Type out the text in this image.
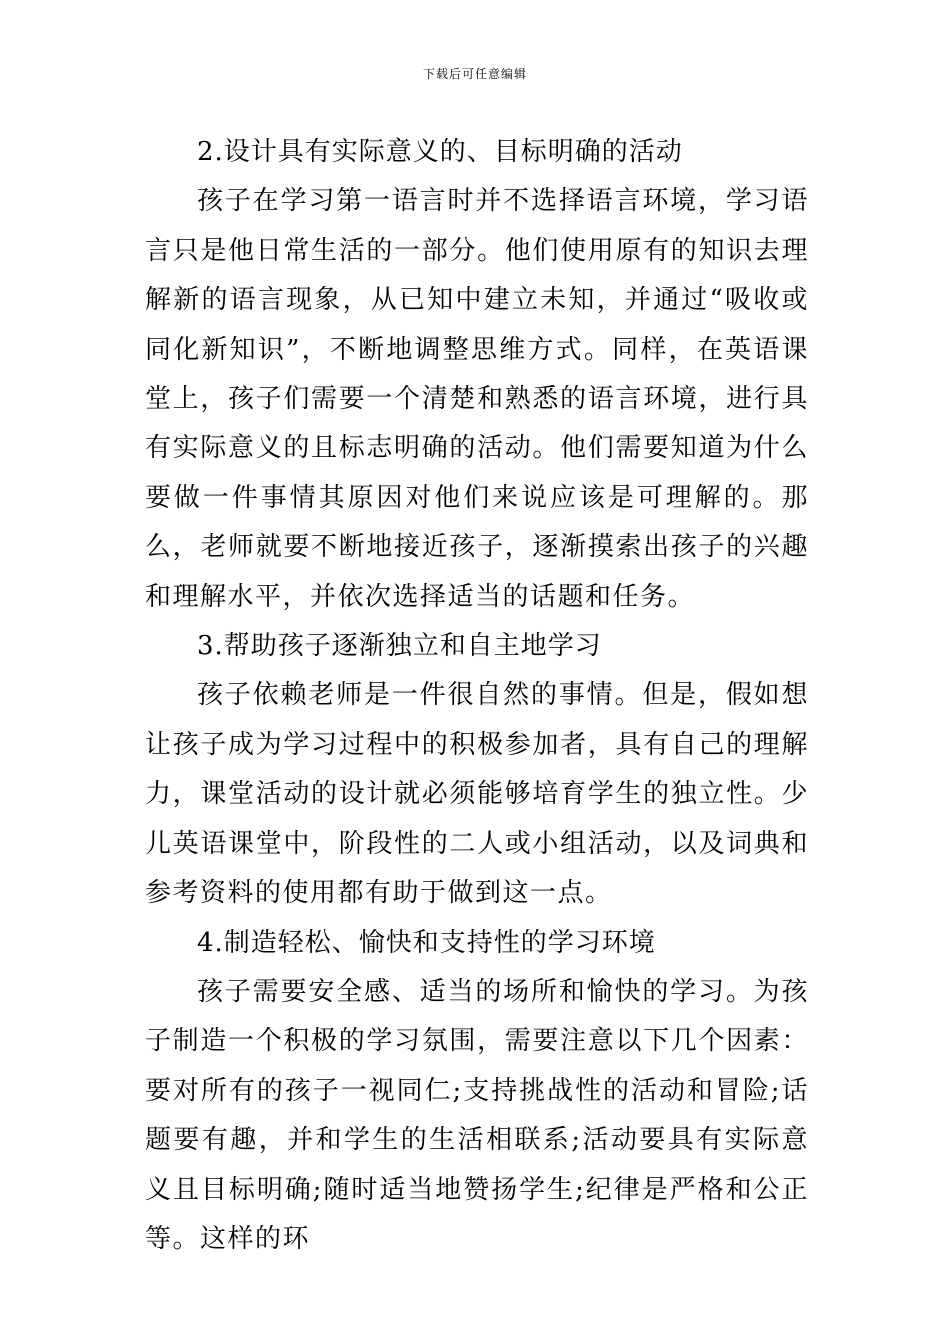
下载后可任意编辑

2.设计具有实际意义的、目标明确的活动

孩子在学习第一语言时并不选择语言环境，学习语言只是他日常生活的一部分。他们使用原有的知识去理解新的语言现象，从已知中建立未知，并通过“吸收或同化新知识”，不断地调整思维方式。同样，在英语课堂上，孩子们需要一个清楚和熟悉的语言环境，进行具有实际意义的且标志明确的活动。他们需要知道为什么要做一件事情其原因对他们来说应该是可理解的。那么，老师就要不断地接近孩子，逐渐摸索出孩子的兴趣和理解水平，并依次选择适当的话题和任务。

3.帮助孩子逐渐独立和自主地学习

孩子依赖老师是一件很自然的事情。但是，假如想让孩子成为学习过程中的积极参加者，具有自己的理解力，课堂活动的设计就必须能够培育学生的独立性。少儿英语课堂中，阶段性的二人或小组活动，以及词典和参考资料的使用都有助于做到这一点。

4.制造轻松、愉快和支持性的学习环境

孩子需要安全感、适当的场所和愉快的学习。为孩子制造一个积极的学习氛围，需要注意以下几个因素：要对所有的孩子一视同仁;支持挑战性的活动和冒险;话题要有趣，并和学生的生活相联系;活动要具有实际意义且目标明确;随时适当地赞扬学生;纪律是严格和公正等。这样的环
